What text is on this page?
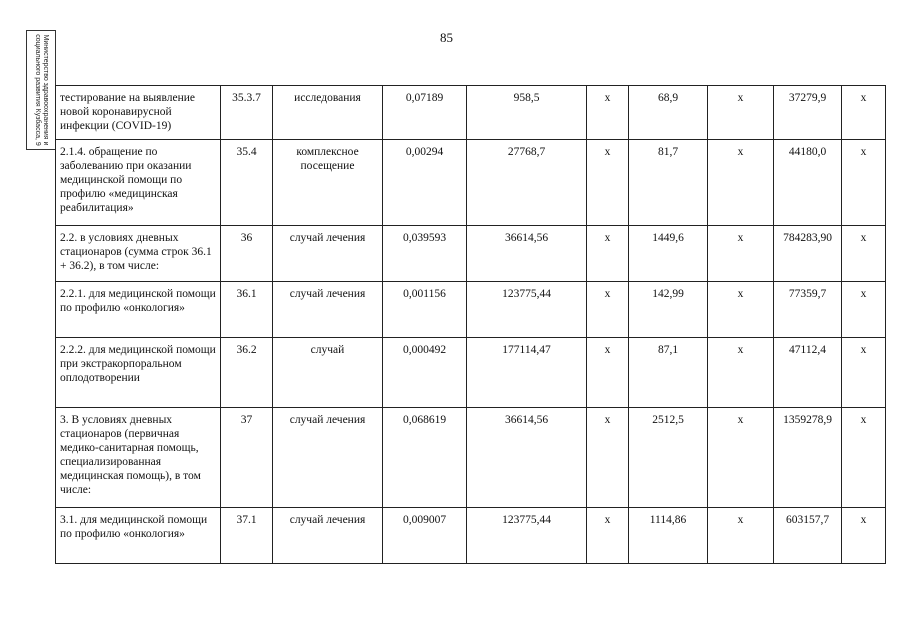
85
Министерство здравоохранения и социального развития Кузбасса, 9	тестирование на выявление новой коронавирусной инфекции (COVID-19)	35.3.7	исследования	0,07189	958,5	х	68,9	х	37279,9	х
2.1.4. обращение по заболеванию при оказании медицинской помощи по профилю «медицинская реабилитация»	35.4	комплексное посещение	0,00294	27768,7	х	81,7	х	44180,0	х
2.2. в условиях дневных стационаров (сумма строк 36.1 + 36.2), в том числе:	36	случай лечения	0,039593	36614,56	х	1449,6	х	784283,90	х
2.2.1. для медицинской помощи по профилю «онкология»	36.1	случай лечения	0,001156	123775,44	х	142,99	х	77359,7	х
2.2.2. для медицинской помощи при экстракорпоральном оплодотворении	36.2	случай	0,000492	177114,47	х	87,1	х	47112,4	х
3. В условиях дневных стационаров (первичная медико-санитарная помощь, специализированная медицинская помощь), в том числе:	37	случай лечения	0,068619	36614,56	х	2512,5	х	1359278,9	х
3.1. для медицинской помощи по профилю «онкология»	37.1	случай лечения	0,009007	123775,44	х	1114,86	х	603157,7	х
